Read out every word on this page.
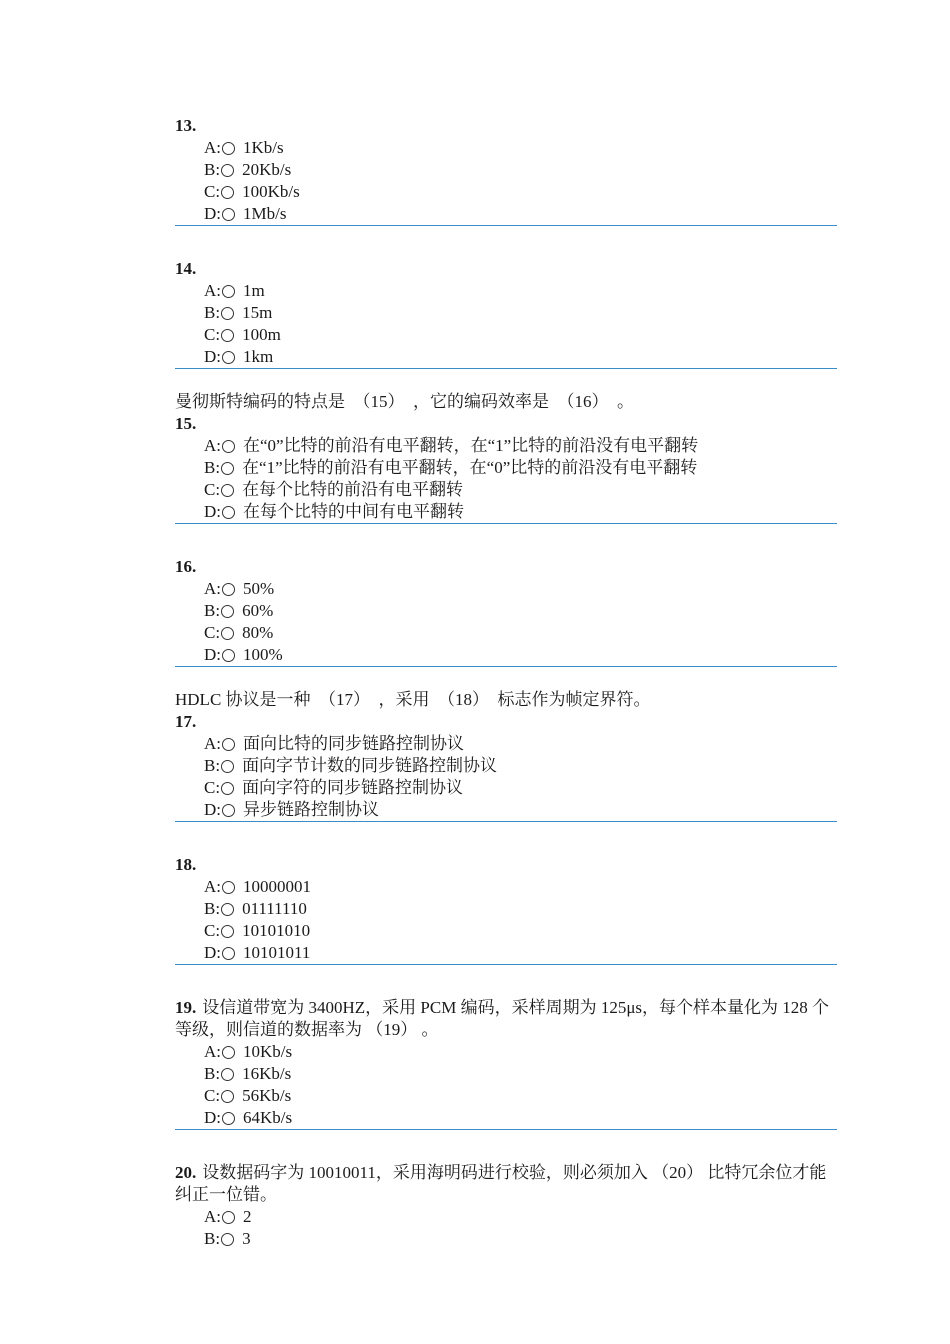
13.
A: 1Kb/s
B: 20Kb/s
C: 100Kb/s
D: 1Mb/s
14.
A: 1m
B: 15m
C: 100m
D: 1km
曼彻斯特编码的特点是　（15）　，它的编码效率是　（16）　。
15.
A: 在“0”比特的前沿有电平翻转，在“1”比特的前沿没有电平翻转
B: 在“1”比特的前沿有电平翻转，在“0”比特的前沿没有电平翻转
C: 在每个比特的前沿有电平翻转
D: 在每个比特的中间有电平翻转
16.
A: 50%
B: 60%
C: 80%
D: 100%
HDLC 协议是一种　（17）　，采用　（18）　标志作为帧定界符。
17.
A: 面向比特的同步链路控制协议
B: 面向字节计数的同步链路控制协议
C: 面向字符的同步链路控制协议
D: 异步链路控制协议
18.
A: 10000001
B: 01111110
C: 10101010
D: 10101011
19. 设信道带宽为 3400HZ，采用 PCM 编码，采样周期为 125μs，每个样本量化为 128 个等级，则信道的数据率为 （19） 。
A: 10Kb/s
B: 16Kb/s
C: 56Kb/s
D: 64Kb/s
20. 设数据码字为 10010011，采用海明码进行校验，则必须加入 （20） 比特冗余位才能纠正一位错。
A: 2
B: 3
